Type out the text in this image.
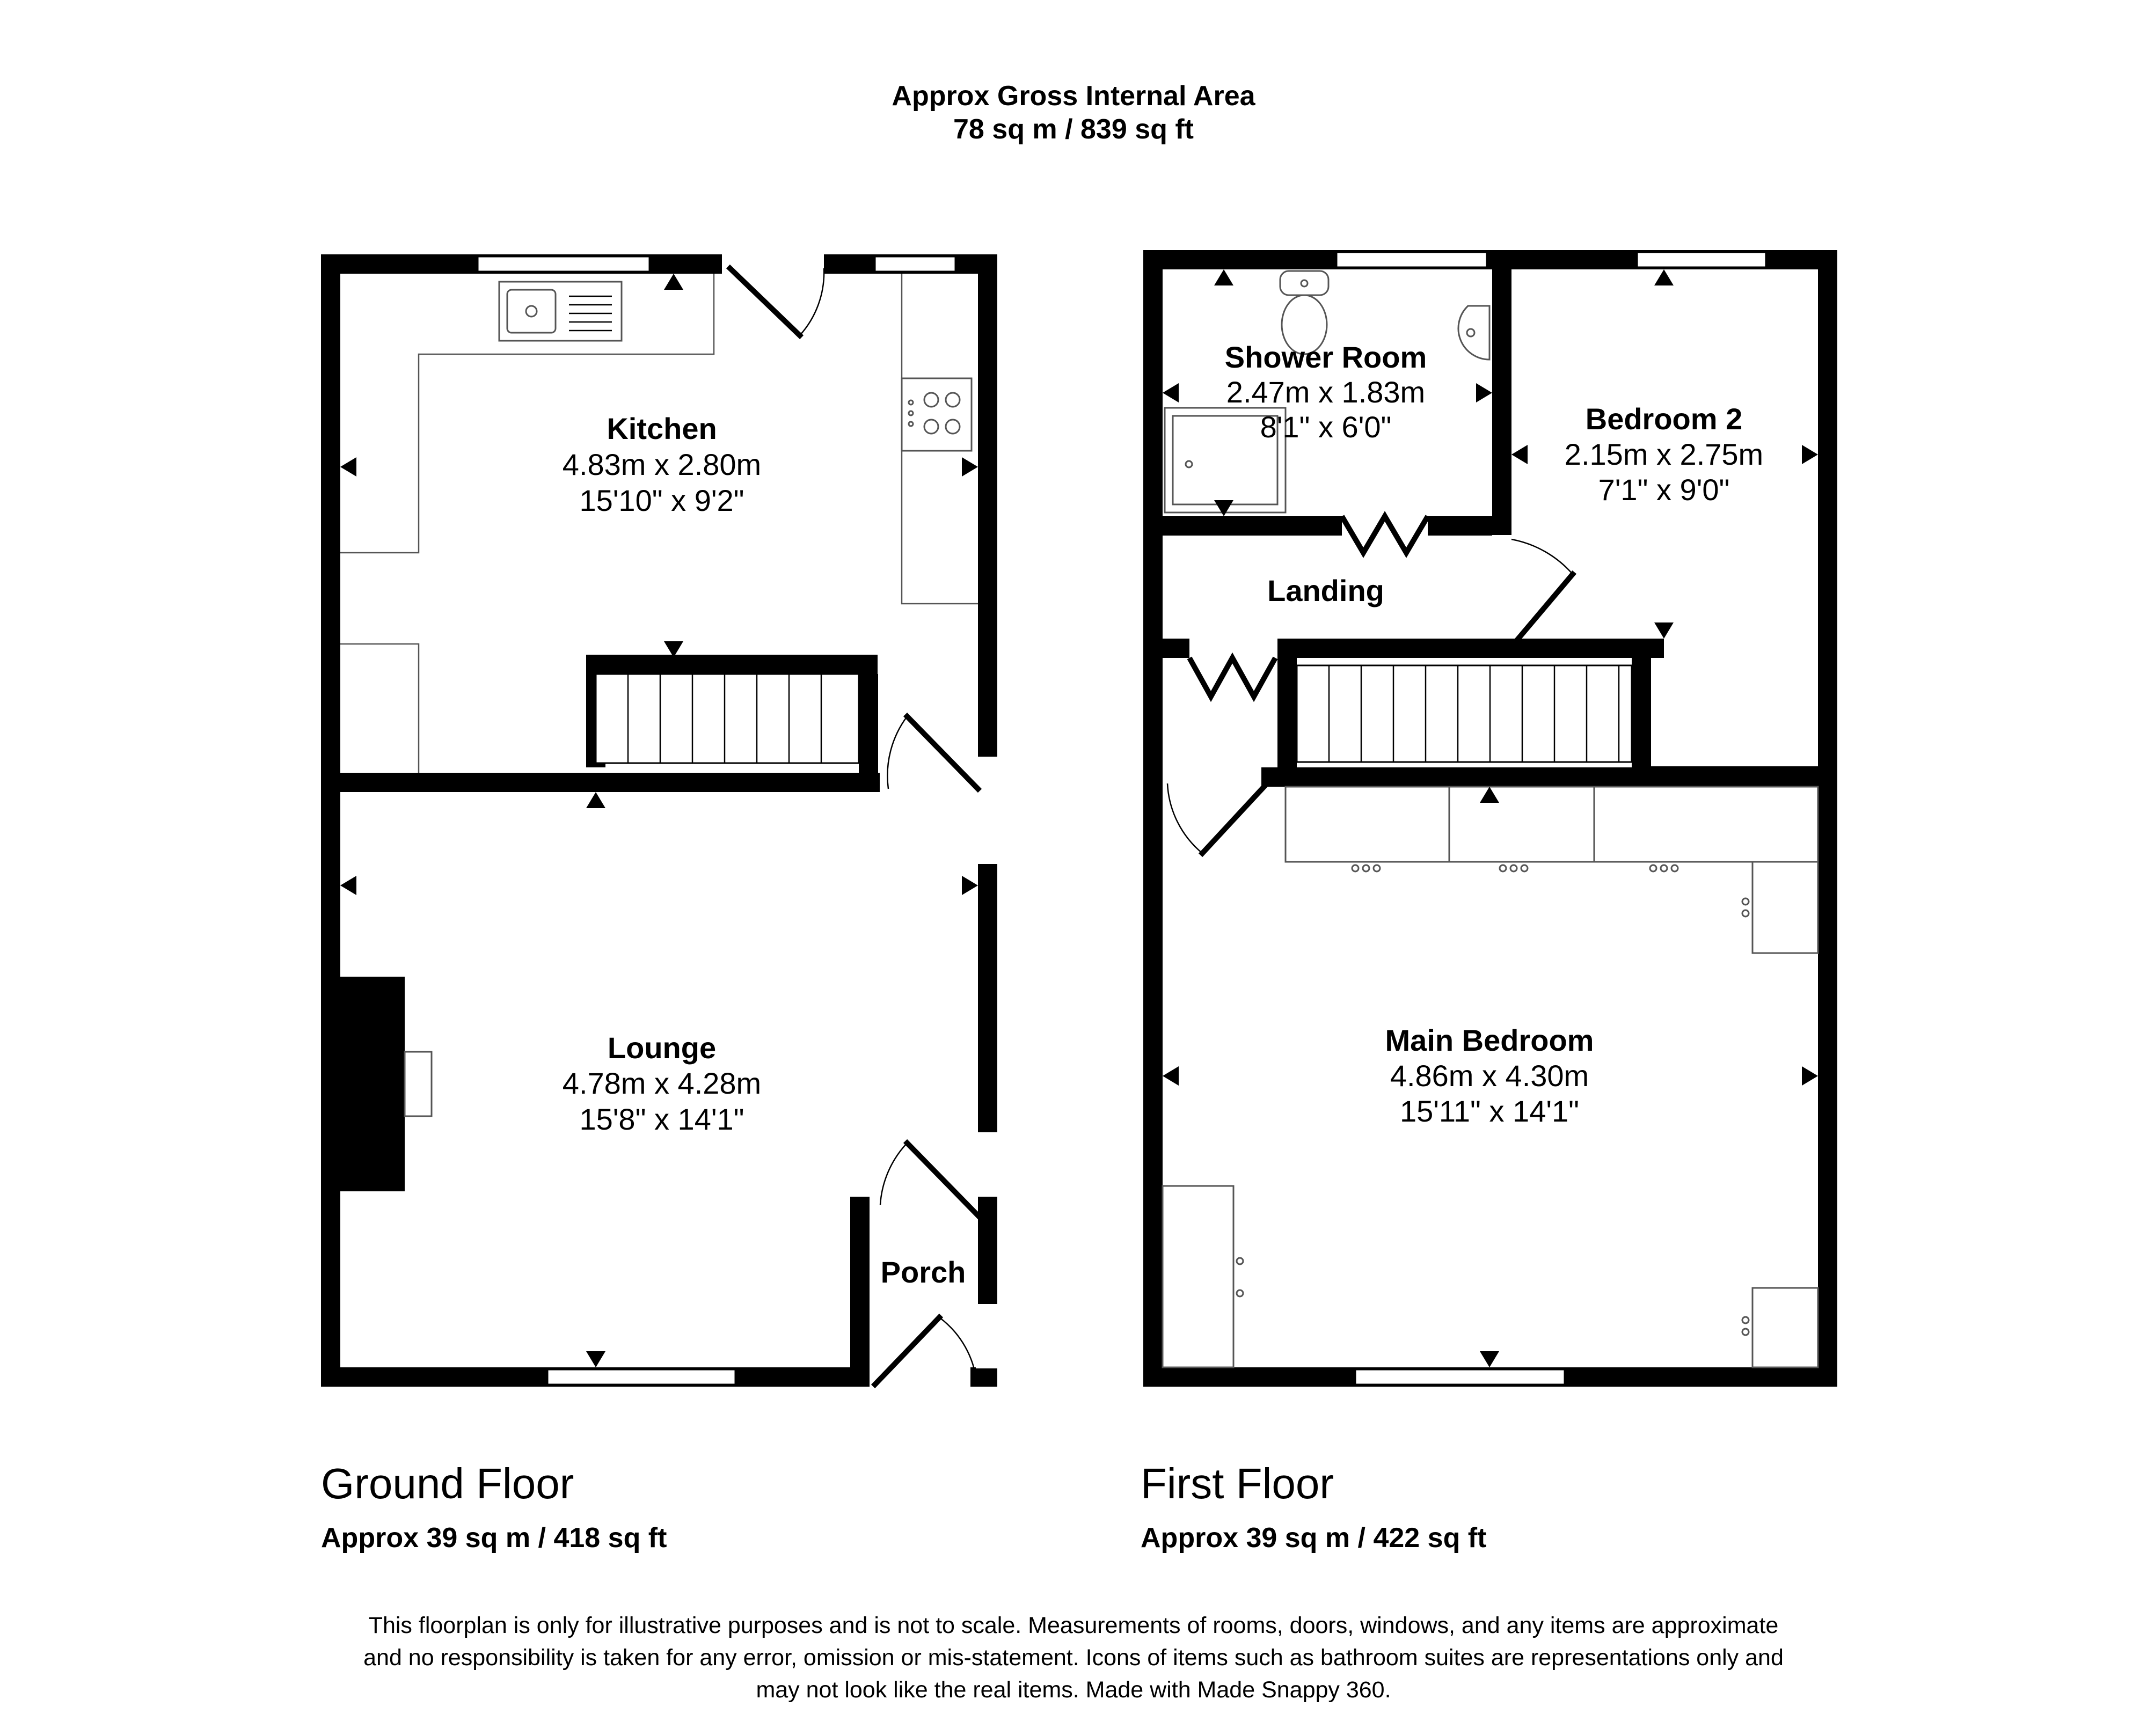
Approx Gross Internal Area
78 sq m / 839 sq ft
Kitchen
4.83m x 2.80m
15'10" x 9'2"
Lounge
4.78m x 4.28m
15'8" x 14'1"
Porch
Shower Room
2.47m x 1.83m
8'1" x 6'0"	Bedroom 2
2.15m x 2.75m
7'1" x 9'0"
Landing
Main Bedroom
4.86m x 4.30m
15'11" x 14'1"
Ground Floor
Approx 39 sq m / 418 sq ft
First Floor
Approx 39 sq m / 422 sq ft
This floorplan is only for illustrative purposes and is not to scale. Measurements of rooms, doors, windows, and any items are approximate
and no responsibility is taken for any error, omission or mis-statement. Icons of items such as bathroom suites are representations only and
may not look like the real items. Made with Made Snappy 360.
